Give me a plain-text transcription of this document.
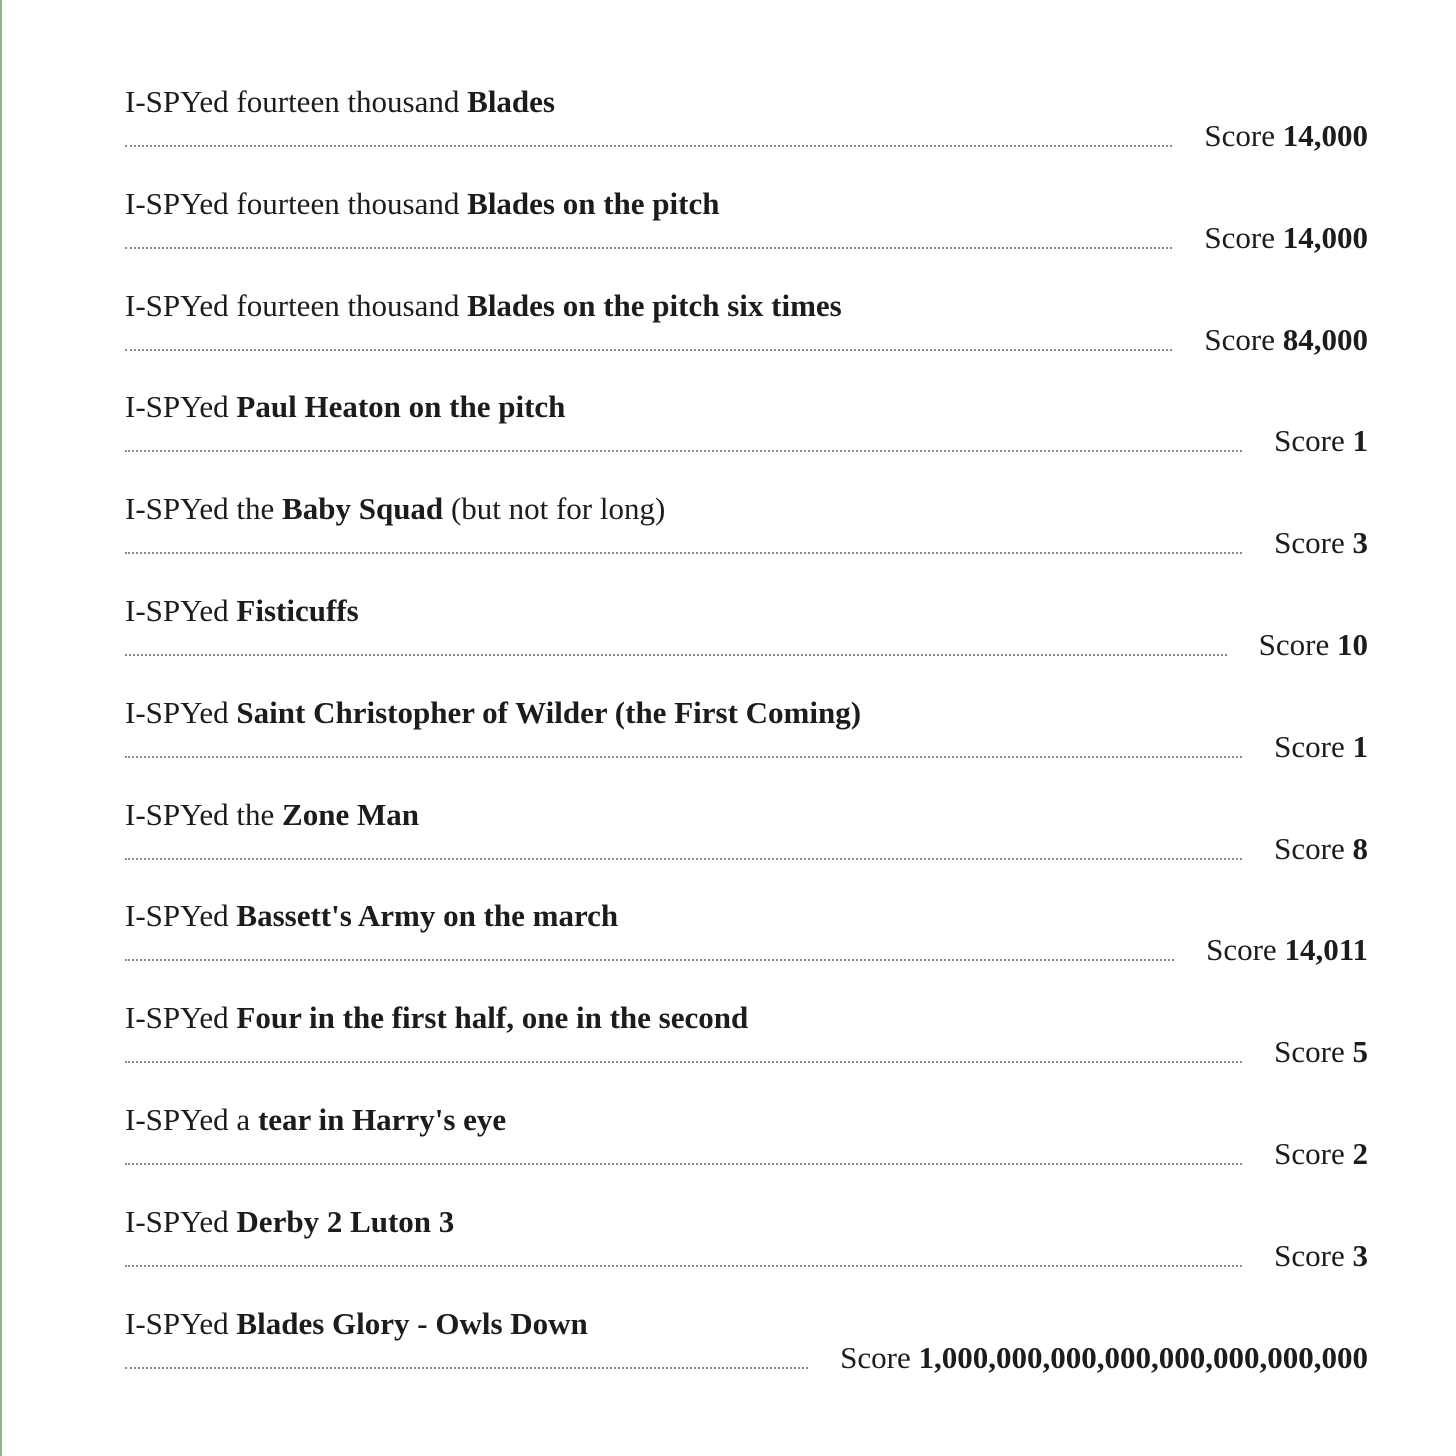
I-SPYed fourteen thousand Blades
Score 14,000
I-SPYed fourteen thousand Blades on the pitch
Score 14,000
I-SPYed fourteen thousand Blades on the pitch six times
Score 84,000
I-SPYed Paul Heaton on the pitch
Score 1
I-SPYed the Baby Squad (but not for long)
Score 3
I-SPYed Fisticuffs
Score 10
I-SPYed Saint Christopher of Wilder (the First Coming)
Score 1
I-SPYed the Zone Man
Score 8
I-SPYed Bassett's Army on the march
Score 14,011
I-SPYed Four in the first half, one in the second
Score 5
I-SPYed a tear in Harry's eye
Score 2
I-SPYed Derby 2 Luton 3
Score 3
I-SPYed Blades Glory - Owls Down
Score 1,000,000,000,000,000,000,000,000
